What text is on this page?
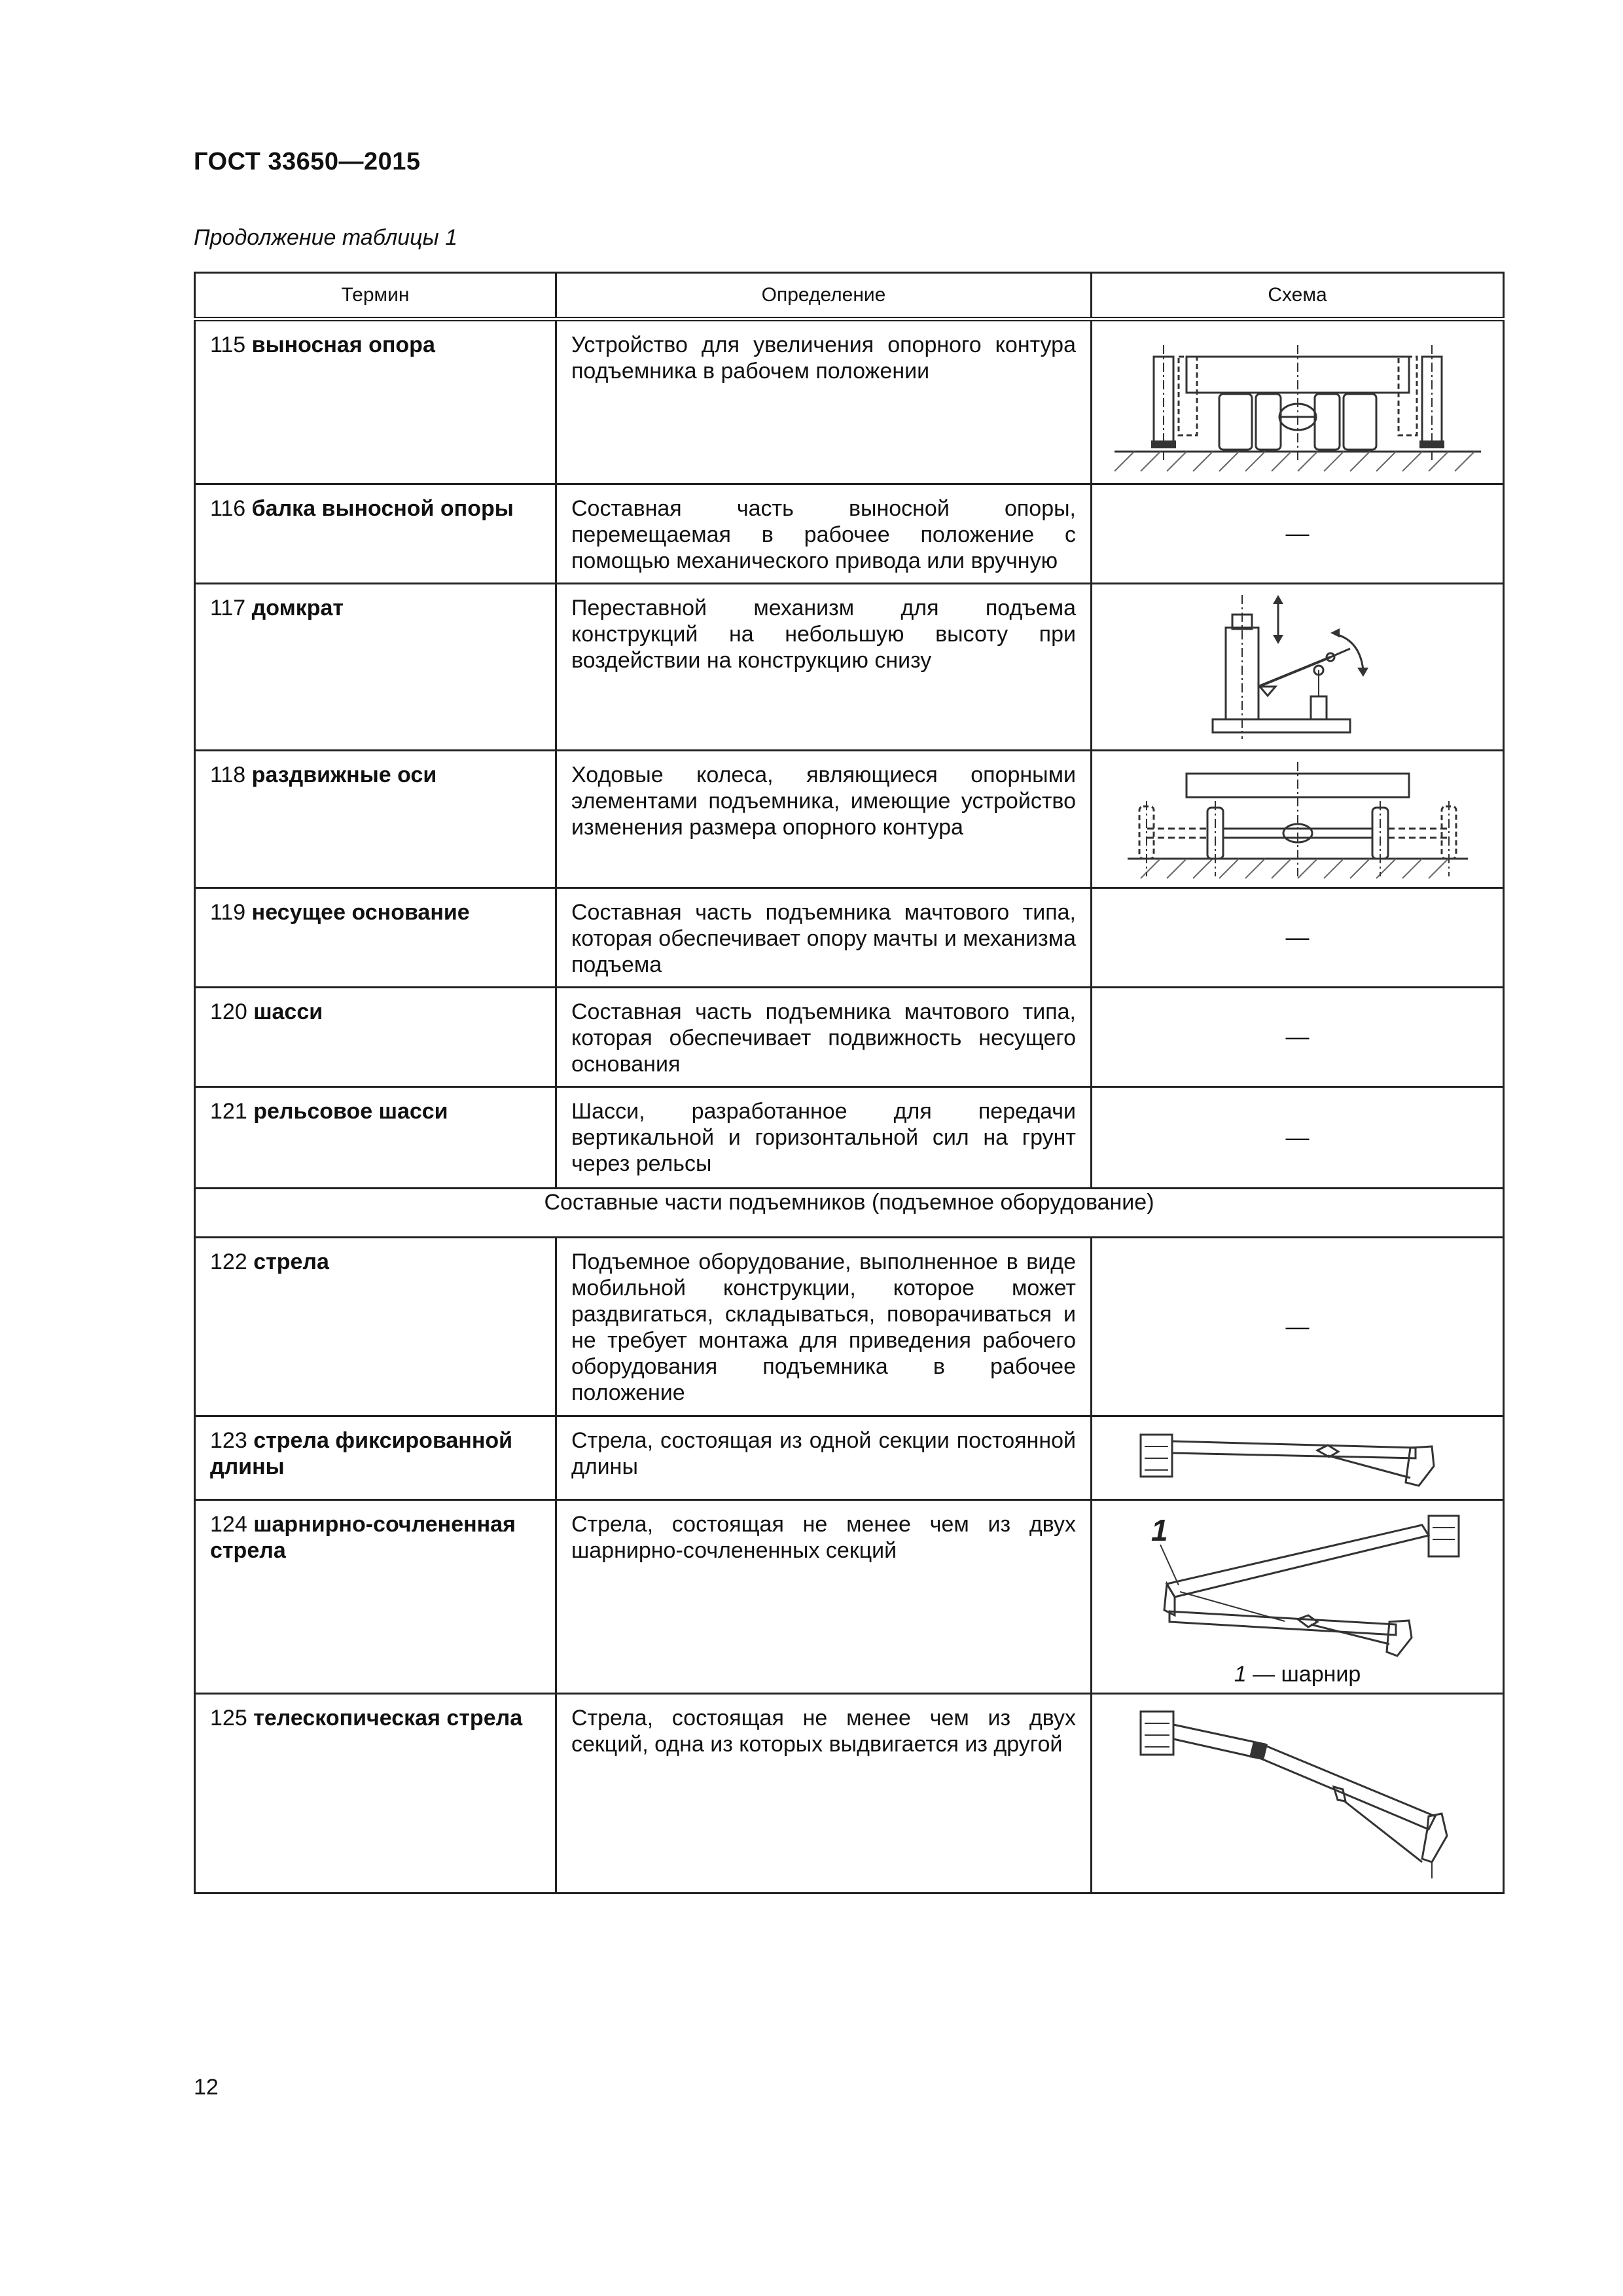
ГОСТ 33650—2015
Продолжение таблицы 1
Термин	Определение	Схема
115 выносная опора	Устройство для увеличения опорного контура подъемника в рабочем положении	

116 балка выносной опоры	Составная часть выносной опоры, перемещаемая в рабочее положение с помощью механического привода или вручную	—
117 домкрат	Переставной механизм для подъема конструкций на небольшую высоту при воздействии на конструкцию снизу	

118 раздвижные оси	Ходовые колеса, являющиеся опорными элементами подъемника, имеющие устройство изменения размера опорного контура	

119 несущее основание	Составная часть подъемника мачтового типа, которая обеспечивает опору мачты и механизма подъема	—
120 шасси	Составная часть подъемника мачтового типа, которая обеспечивает подвижность несущего основания	—
121 рельсовое шасси	Шасси, разработанное для передачи вертикальной и горизонтальной сил на грунт через рельсы	—
Составные части подъемников (подъемное оборудование)		
122 стрела	Подъемное оборудование, выполненное в виде мобильной конструкции, которое может раздвигаться, складываться, поворачиваться и не требует монтажа для приведения рабочего оборудования подъемника в рабочее положение	—
123 стрела фиксированной длины	Стрела, состоящая из одной секции постоянной длины	

124 шарнирно-сочлененная стрела	Стрела, состоящая не менее чем из двух шарнирно-сочлененных секций	1
1 — шарнир

125 телескопическая стрела	Стрела, состоящая не менее чем из двух секций, одна из которых выдвигается из другой	
12
